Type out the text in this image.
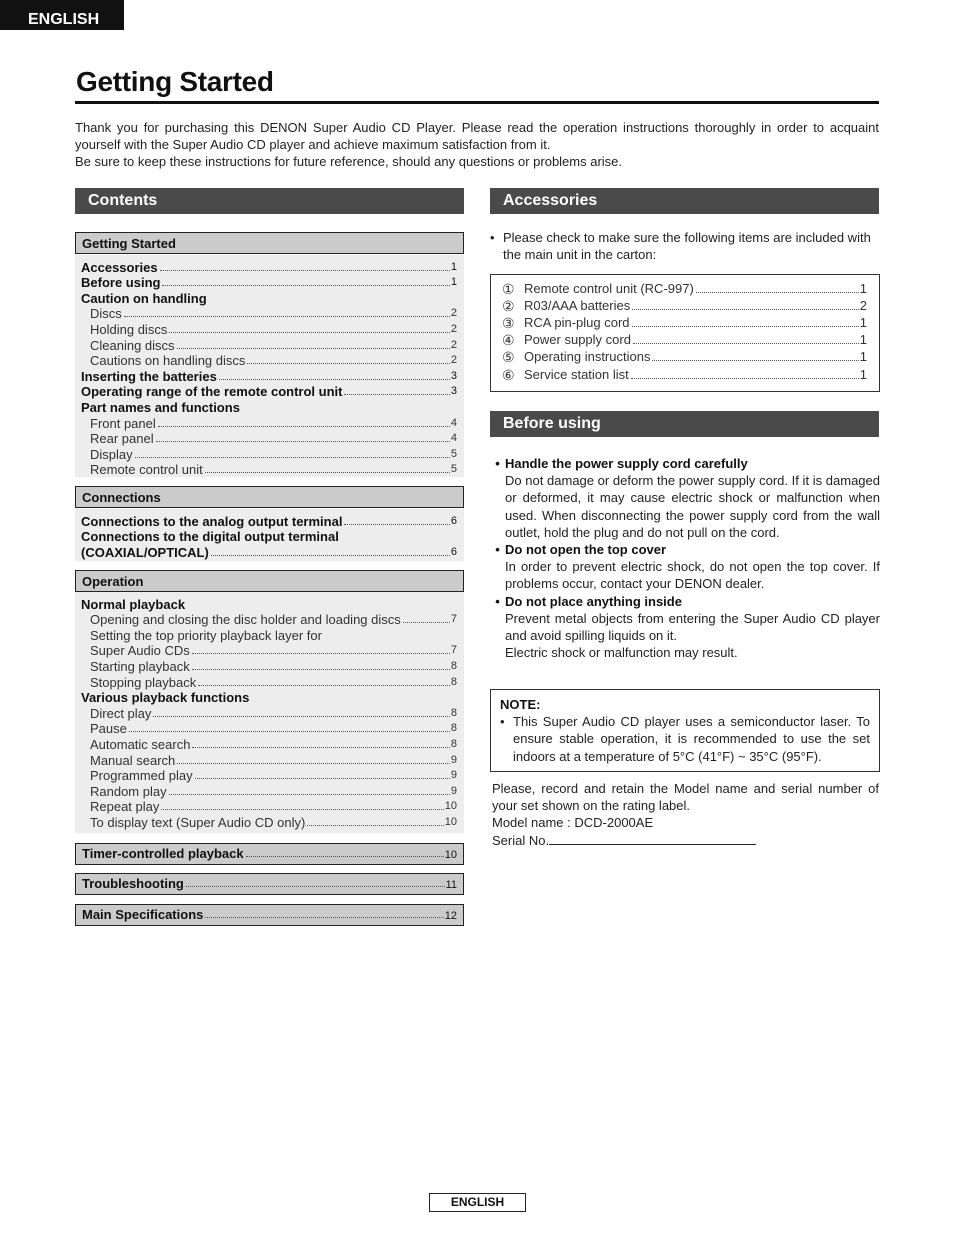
ENGLISH
Getting Started
Thank you for purchasing this DENON Super Audio CD Player. Please read the operation instructions thoroughly in order to acquaint yourself with the Super Audio CD player and achieve maximum satisfaction from it.
Be sure to keep these instructions for future reference, should any questions or problems arise.
Contents
Getting Started
Accessories	1
Before using	1
Caution on handling
Discs	2
Holding discs	2
Cleaning discs	2
Cautions on handling discs	2
Inserting the batteries	3
Operating range of the remote control unit	3
Part names and functions
Front panel	4
Rear panel	4
Display	5
Remote control unit	5
Connections
Connections to the analog output terminal	6
Connections to the digital output terminal
(COAXIAL/OPTICAL)	6
Operation
Normal playback
Opening and closing the disc holder and loading discs	7
Setting the top priority playback layer for
Super Audio CDs	7
Starting playback	8
Stopping playback	8
Various playback functions
Direct play	8
Pause	8
Automatic search	8
Manual search	9
Programmed play	9
Random play	9
Repeat play	10
To display text (Super Audio CD only)	10
Timer-controlled playback	10
Troubleshooting	11
Main Specifications	12
Accessories
• Please check to make sure the following items are included with the main unit in the carton:
① Remote control unit (RC-997)	1
② R03/AAA batteries	2
③ RCA pin-plug cord	1
④ Power supply cord	1
⑤ Operating instructions	1
⑥ Service station list	1
Before using
• Handle the power supply cord carefully
Do not damage or deform the power supply cord. If it is damaged or deformed, it may cause electric shock or malfunction when used. When disconnecting the power supply cord from the wall outlet, hold the plug and do not pull on the cord.
• Do not open the top cover
In order to prevent electric shock, do not open the top cover. If problems occur, contact your DENON dealer.
• Do not place anything inside
Prevent metal objects from entering the Super Audio CD player and avoid spilling liquids on it.
Electric shock or malfunction may result.
NOTE:
• This Super Audio CD player uses a semiconductor laser. To ensure stable operation, it is recommended to use the set indoors at a temperature of 5°C (41°F) ~ 35°C (95°F).
Please, record and retain the Model name and serial number of your set shown on the rating label.
Model name : DCD-2000AE
Serial No.
ENGLISH
